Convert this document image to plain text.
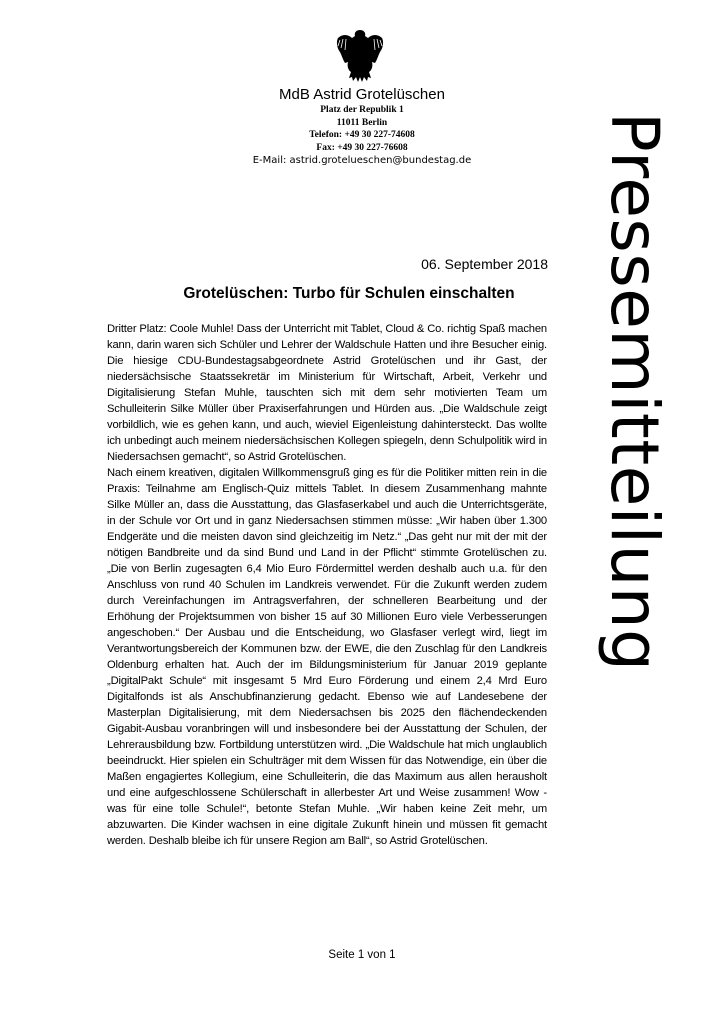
MdB Astrid Grotelüschen
Platz der Republik 1
11011 Berlin
Telefon: +49 30 227-74608
Fax: +49 30 227-76608
E-Mail: astrid.grotelueschen@bundestag.de	Pressemitteilung
06. September 2018
Grotelüschen: Turbo für Schulen einschalten

Dritter Platz: Coole Muhle! Dass der Unterricht mit Tablet, Cloud & Co. richtig Spaß machen kann, darin waren sich Schüler und Lehrer der Waldschule Hatten und ihre Besucher einig. Die hiesige CDU-Bundestagsabgeordnete Astrid Grotelüschen und ihr Gast, der niedersächsische Staatssekretär im Ministerium für Wirtschaft, Arbeit, Verkehr und Digitalisierung Stefan Muhle, tauschten sich mit dem sehr motivierten Team um Schulleiterin Silke Müller über Praxiserfahrungen und Hürden aus. „Die Waldschule zeigt vorbildlich, wie es gehen kann, und auch, wieviel Eigenleistung dahintersteckt. Das wollte ich unbedingt auch meinem niedersächsischen Kollegen spiegeln, denn Schulpolitik wird in Niedersachsen gemacht“, so Astrid Grotelüschen.

Nach einem kreativen, digitalen Willkommensgruß ging es für die Politiker mitten rein in die Praxis: Teilnahme am Englisch-Quiz mittels Tablet. In diesem Zusammenhang mahnte Silke Müller an, dass die Ausstattung, das Glasfaserkabel und auch die Unterrichtsgeräte, in der Schule vor Ort und in ganz Niedersachsen stimmen müsse: „Wir haben über 1.300 Endgeräte und die meisten davon sind gleichzeitig im Netz.“ „Das geht nur mit der mit der nötigen Bandbreite und da sind Bund und Land in der Pflicht“ stimmte Grotelüschen zu. „Die von Berlin zugesagten 6,4 Mio Euro Fördermittel werden deshalb auch u.a. für den Anschluss von rund 40 Schulen im Landkreis verwendet. Für die Zukunft werden zudem durch Vereinfachungen im Antragsverfahren, der schnelleren Bearbeitung und der Erhöhung der Projektsummen von bisher 15 auf 30 Millionen Euro viele Verbesserungen angeschoben.“ Der Ausbau und die Entscheidung, wo Glasfaser verlegt wird, liegt im Verantwortungsbereich der Kommunen bzw. der EWE, die den Zuschlag für den Landkreis Oldenburg erhalten hat. Auch der im Bildungsministerium für Januar 2019 geplante „DigitalPakt Schule“ mit insgesamt 5 Mrd Euro Förderung und einem 2,4 Mrd Euro Digitalfonds ist als Anschubfinanzierung gedacht. Ebenso wie auf Landesebene der Masterplan Digitalisierung, mit dem Niedersachsen bis 2025 den flächendeckenden Gigabit-Ausbau voranbringen will und insbesondere bei der Ausstattung der Schulen, der Lehrerausbildung bzw. Fortbildung unterstützen wird. „Die Waldschule hat mich unglaublich beeindruckt. Hier spielen ein Schulträger mit dem Wissen für das Notwendige, ein über die Maßen engagiertes Kollegium, eine Schulleiterin, die das Maximum aus allen herausholt und eine aufgeschlossene Schülerschaft in allerbester Art und Weise zusammen! Wow - was für eine tolle Schule!“, betonte Stefan Muhle. „Wir haben keine Zeit mehr, um abzuwarten. Die Kinder wachsen in eine digitale Zukunft hinein und müssen fit gemacht werden. Deshalb bleibe ich für unsere Region am Ball“, so Astrid Grotelüschen.

Seite 1 von 1
